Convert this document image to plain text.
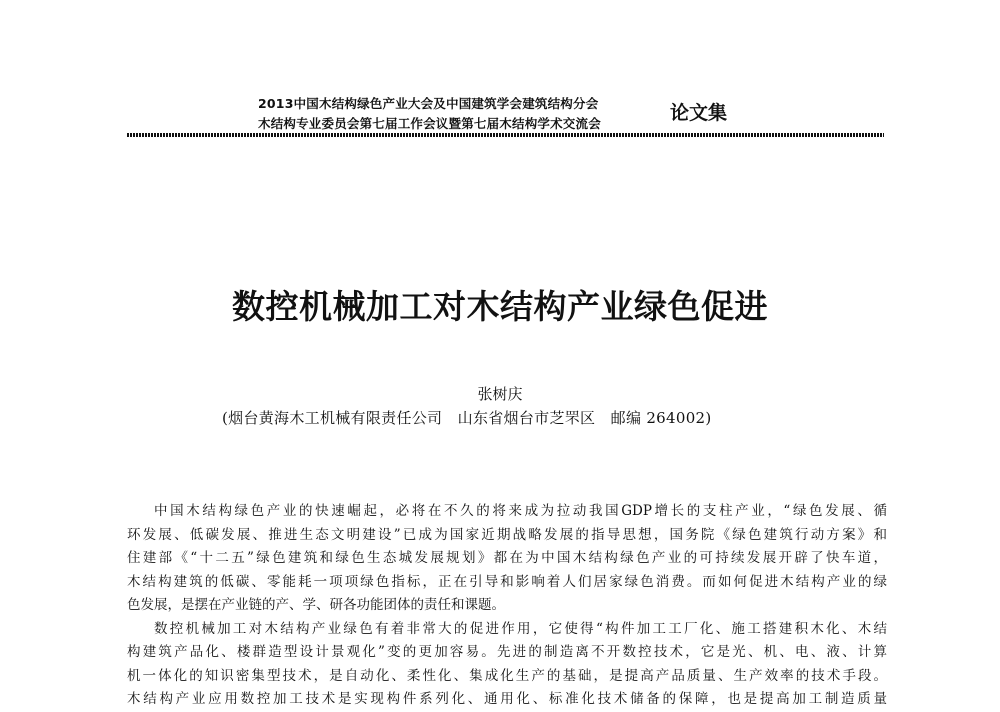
2013中国木结构绿色产业大会及中国建筑学会建筑结构分会
木结构专业委员会第七届工作会议暨第七届木结构学术交流会	论文集
数控机械加工对木结构产业绿色促进
张树庆
(烟台黄海木工机械有限责任公司　山东省烟台市芝罘区　邮编 264002)
中国木结构绿色产业的快速崛起，必将在不久的将来成为拉动我国GDP增长的支柱产业，“绿色发展、循
环发展、低碳发展、推进生态文明建设”已成为国家近期战略发展的指导思想，国务院《绿色建筑行动方案》和
住建部《“十二五”绿色建筑和绿色生态城发展规划》都在为中国木结构绿色产业的可持续发展开辟了快车道，
木结构建筑的低碳、零能耗一项项绿色指标，正在引导和影响着人们居家绿色消费。而如何促进木结构产业的绿
色发展，是摆在产业链的产、学、研各功能团体的责任和课题。
数控机械加工对木结构产业绿色有着非常大的促进作用，它使得“构件加工工厂化、施工搭建积木化、木结
构建筑产品化、楼群造型设计景观化”变的更加容易。先进的制造离不开数控技术，它是光、机、电、液、计算
机一体化的知识密集型技术，是自动化、柔性化、集成化生产的基础，是提高产品质量、生产效率的技术手段。
木结构产业应用数控加工技术是实现构件系列化、通用化、标准化技术储备的保障，也是提高加工制造质量
